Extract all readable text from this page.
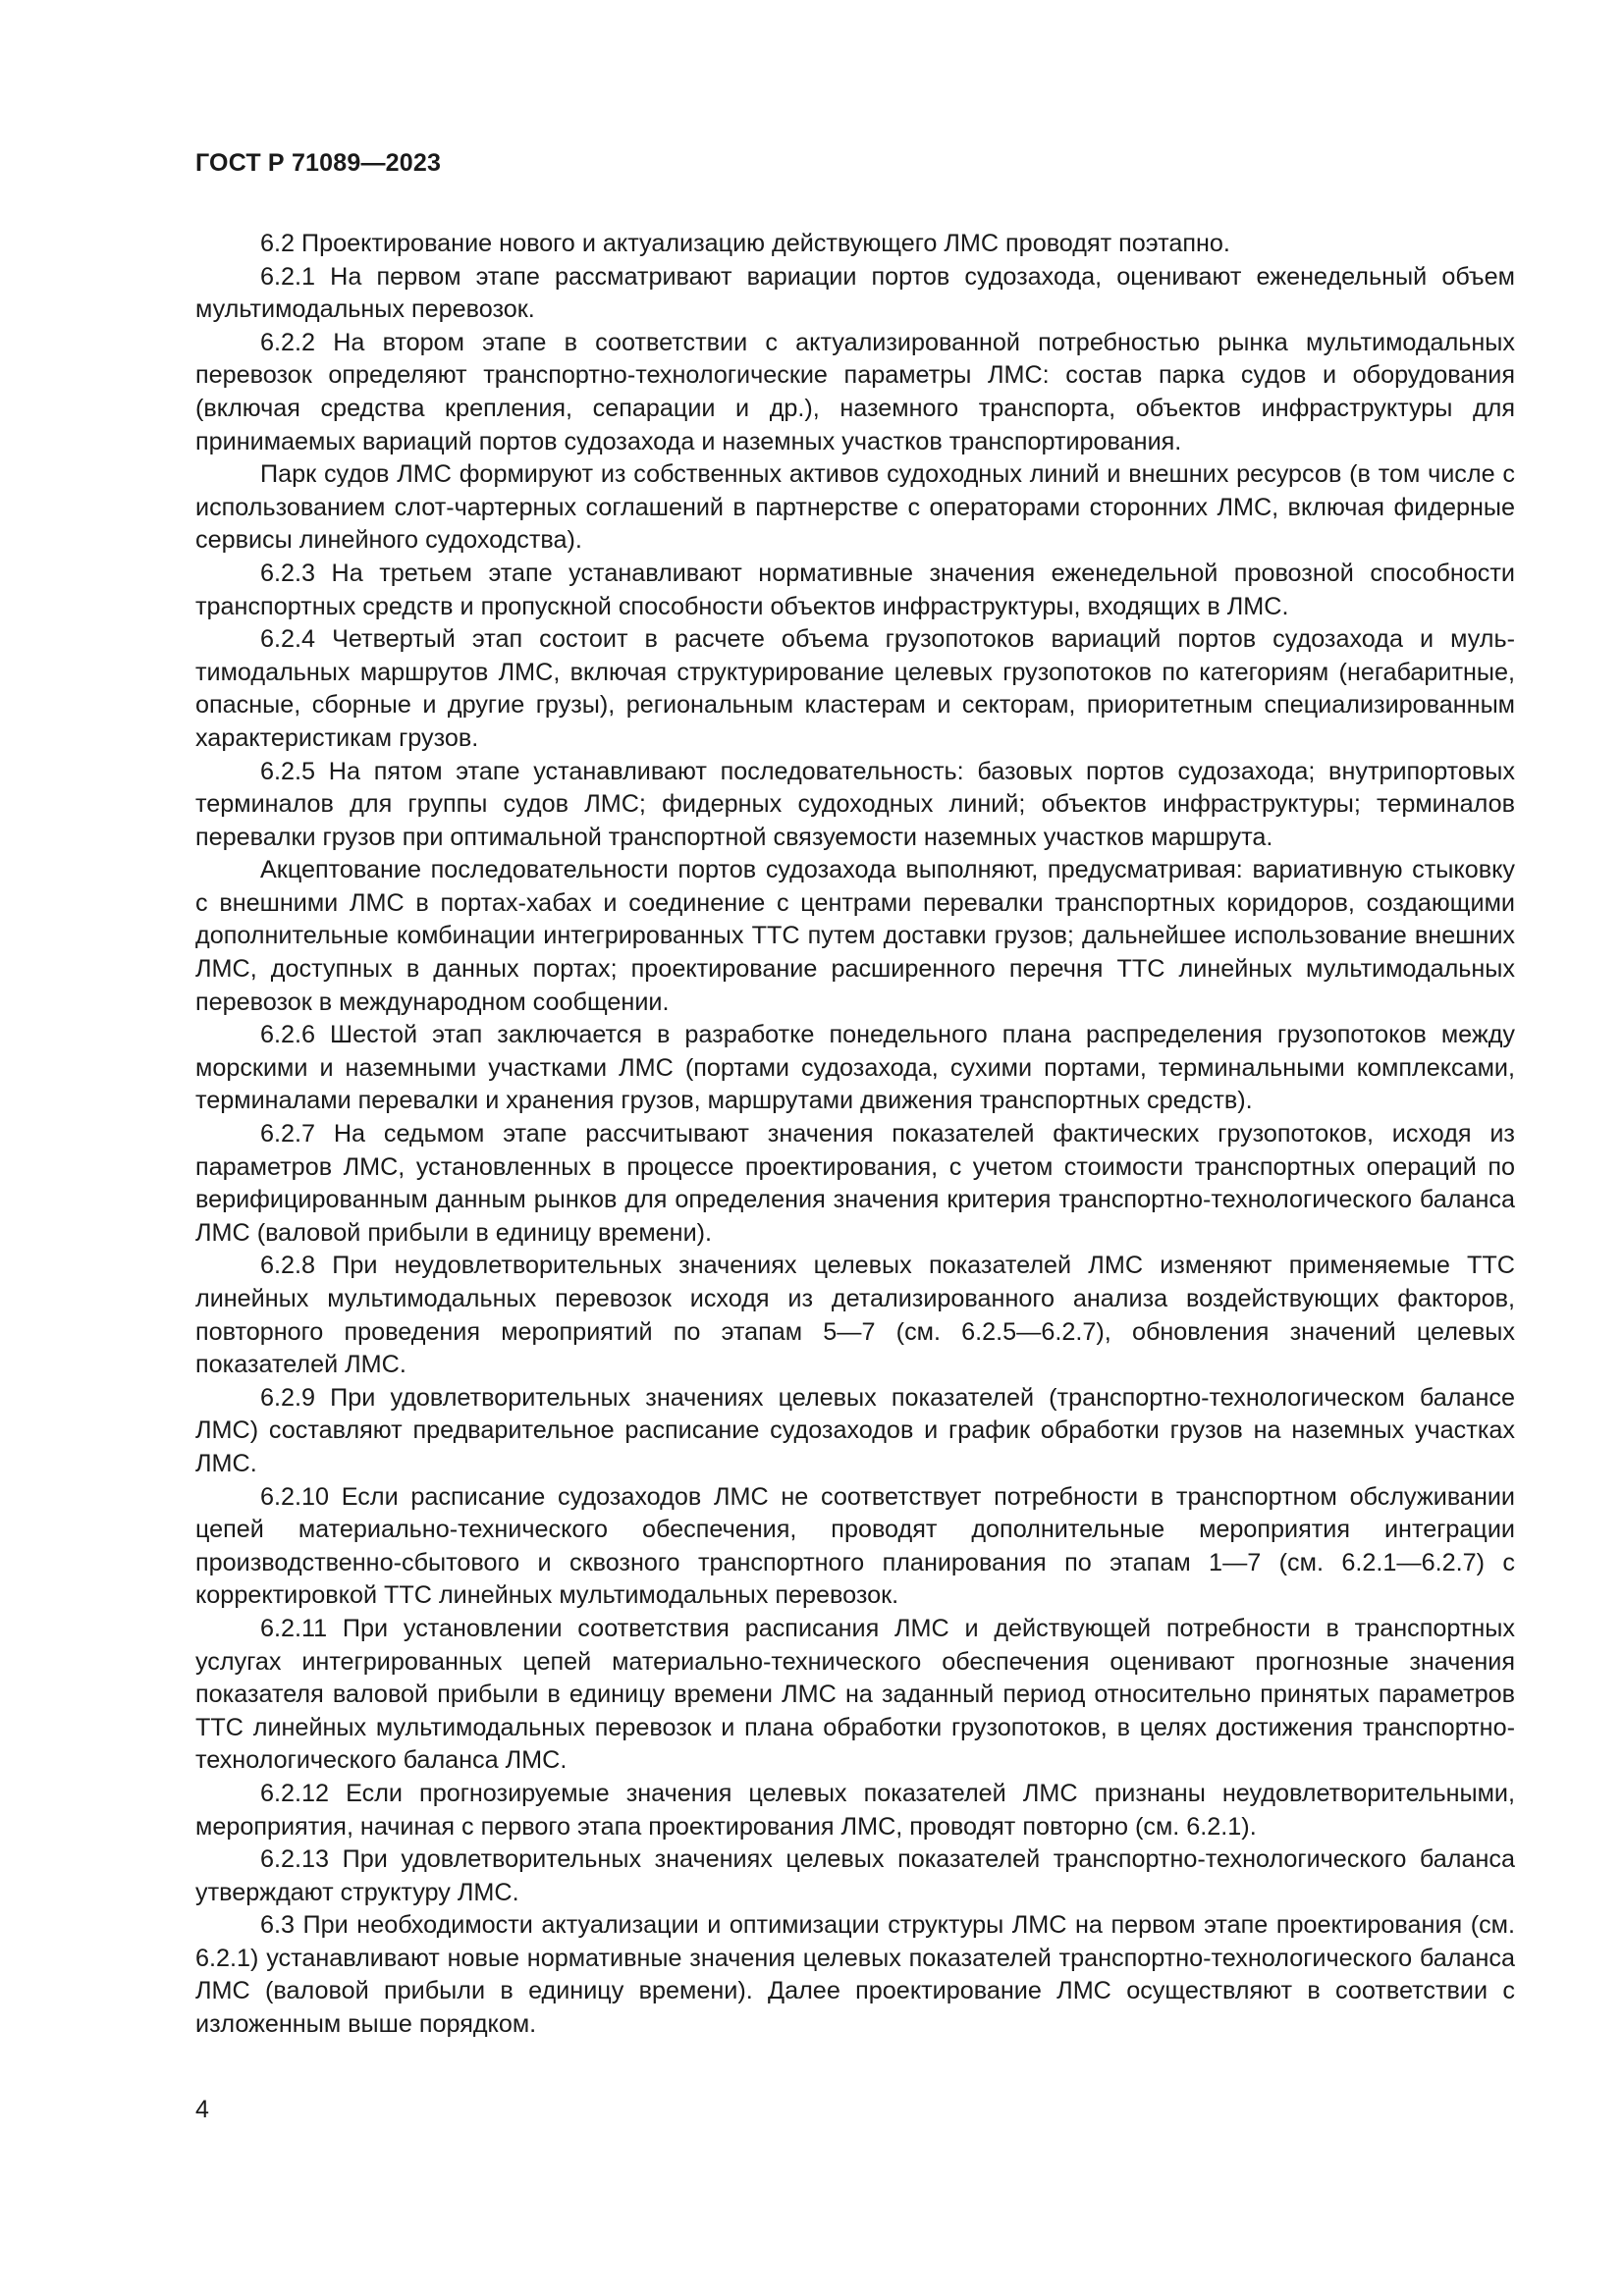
ГОСТ Р 71089—2023

6.2 Проектирование нового и актуализацию действующего ЛМС проводят поэтапно.

6.2.1 На первом этапе рассматривают вариации портов судозахода, оценивают еженедельный объем мультимодальных перевозок.

6.2.2 На втором этапе в соответствии с актуализированной потребностью рынка мультимодальных перевозок определяют транспортно-технологические параметры ЛМС: состав парка судов и оборудования (включая средства крепления, сепарации и др.), наземного транспорта, объектов инфраструктуры для принимаемых вариаций портов судозахода и наземных участков транспортирования.

Парк судов ЛМС формируют из собственных активов судоходных линий и внешних ресурсов (в том числе с использованием слот-чартерных соглашений в партнерстве с операторами сторонних ЛМС, включая фидерные сервисы линейного судоходства).

6.2.3 На третьем этапе устанавливают нормативные значения еженедельной провозной способности транспортных средств и пропускной способности объектов инфраструктуры, входящих в ЛМС.

6.2.4 Четвертый этап состоит в расчете объема грузопотоков вариаций портов судозахода и мультимодальных маршрутов ЛМС, включая структурирование целевых грузопотоков по категориям (негабаритные, опасные, сборные и другие грузы), региональным кластерам и секторам, приоритетным специализированным характеристикам грузов.

6.2.5 На пятом этапе устанавливают последовательность: базовых портов судозахода; внутрипортовых терминалов для группы судов ЛМС; фидерных судоходных линий; объектов инфраструктуры; терминалов перевалки грузов при оптимальной транспортной связуемости наземных участков маршрута.

Акцептование последовательности портов судозахода выполняют, предусматривая: вариативную стыковку с внешними ЛМС в портах-хабах и соединение с центрами перевалки транспортных коридоров, создающими дополнительные комбинации интегрированных ТТС путем доставки грузов; дальнейшее использование внешних ЛМС, доступных в данных портах; проектирование расширенного перечня ТТС линейных мультимодальных перевозок в международном сообщении.

6.2.6 Шестой этап заключается в разработке понедельного плана распределения грузопотоков между морскими и наземными участками ЛМС (портами судозахода, сухими портами, терминальными комплексами, терминалами перевалки и хранения грузов, маршрутами движения транспортных средств).

6.2.7 На седьмом этапе рассчитывают значения показателей фактических грузопотоков, исходя из параметров ЛМС, установленных в процессе проектирования, с учетом стоимости транспортных операций по верифицированным данным рынков для определения значения критерия транспортно-технологического баланса ЛМС (валовой прибыли в единицу времени).

6.2.8 При неудовлетворительных значениях целевых показателей ЛМС изменяют применяемые ТТС линейных мультимодальных перевозок исходя из детализированного анализа воздействующих факторов, повторного проведения мероприятий по этапам 5—7 (см. 6.2.5—6.2.7), обновления значений целевых показателей ЛМС.

6.2.9 При удовлетворительных значениях целевых показателей (транспортно-технологическом балансе ЛМС) составляют предварительное расписание судозаходов и график обработки грузов на наземных участках ЛМС.

6.2.10 Если расписание судозаходов ЛМС не соответствует потребности в транспортном обслуживании цепей материально-технического обеспечения, проводят дополнительные мероприятия интеграции производственно-сбытового и сквозного транспортного планирования по этапам 1—7 (см. 6.2.1—6.2.7) с корректировкой ТТС линейных мультимодальных перевозок.

6.2.11 При установлении соответствия расписания ЛМС и действующей потребности в транспортных услугах интегрированных цепей материально-технического обеспечения оценивают прогнозные значения показателя валовой прибыли в единицу времени ЛМС на заданный период относительно принятых параметров ТТС линейных мультимодальных перевозок и плана обработки грузопотоков, в целях достижения транспортно-технологического баланса ЛМС.

6.2.12 Если прогнозируемые значения целевых показателей ЛМС признаны неудовлетворительными, мероприятия, начиная с первого этапа проектирования ЛМС, проводят повторно (см. 6.2.1).

6.2.13 При удовлетворительных значениях целевых показателей транспортно-технологического баланса утверждают структуру ЛМС.

6.3 При необходимости актуализации и оптимизации структуры ЛМС на первом этапе проектирования (см. 6.2.1) устанавливают новые нормативные значения целевых показателей транспортно-технологического баланса ЛМС (валовой прибыли в единицу времени). Далее проектирование ЛМС осуществляют в соответствии с изложенным выше порядком.

4
